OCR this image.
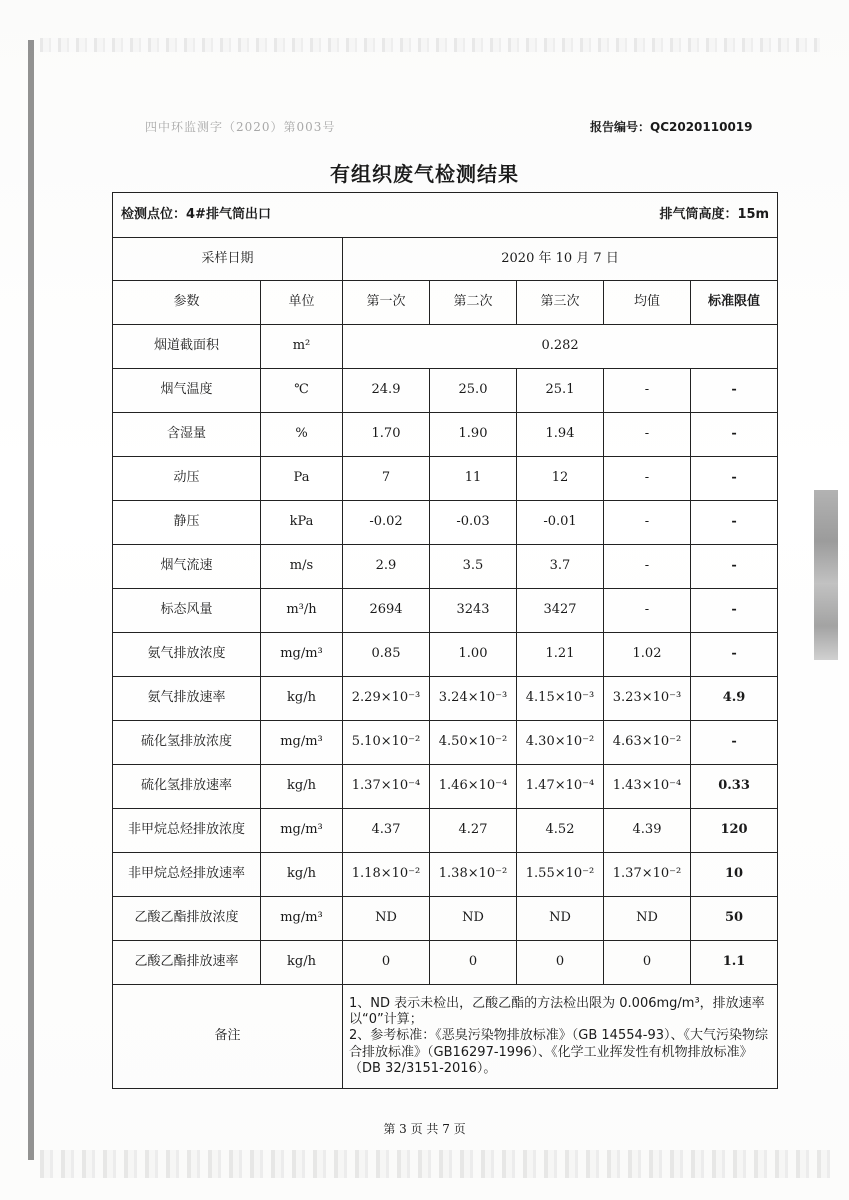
四中环监测字（2020）第003号	报告编号：QC2020110019
有组织废气检测结果
检测点位：4#排气筒出口 排气筒高度：15m						

采样日期		2020 年 10 月 7 日				
参数	单位	第一次	第二次	第三次	均值	标准限值
烟道截面积	m²	0.282				
烟气温度	℃	24.9	25.0	25.1	-	-
含湿量	%	1.70	1.90	1.94	-	-
动压	Pa	7	11	12	-	-
静压	kPa	-0.02	-0.03	-0.01	-	-
烟气流速	m/s	2.9	3.5	3.7	-	-
标态风量	m³/h	2694	3243	3427	-	-
氨气排放浓度	mg/m³	0.85	1.00	1.21	1.02	-
氨气排放速率	kg/h	2.29×10⁻³	3.24×10⁻³	4.15×10⁻³	3.23×10⁻³	4.9
硫化氢排放浓度	mg/m³	5.10×10⁻²	4.50×10⁻²	4.30×10⁻²	4.63×10⁻²	-
硫化氢排放速率	kg/h	1.37×10⁻⁴	1.46×10⁻⁴	1.47×10⁻⁴	1.43×10⁻⁴	0.33
非甲烷总烃排放浓度	mg/m³	4.37	4.27	4.52	4.39	120
非甲烷总烃排放速率	kg/h	1.18×10⁻²	1.38×10⁻²	1.55×10⁻²	1.37×10⁻²	10
乙酸乙酯排放浓度	mg/m³	ND	ND	ND	ND	50
乙酸乙酯排放速率	kg/h	0	0	0	0	1.1
备注		1、ND 表示未检出，乙酸乙酯的方法检出限为 0.006mg/m³，排放速率以“0”计算；
2、参考标准：《恶臭污染物排放标准》（GB 14554-93）、《大气污染物综合排放标准》（GB16297-1996）、《化学工业挥发性有机物排放标准》（DB 32/3151-2016）。				
第 3 页 共 7 页
